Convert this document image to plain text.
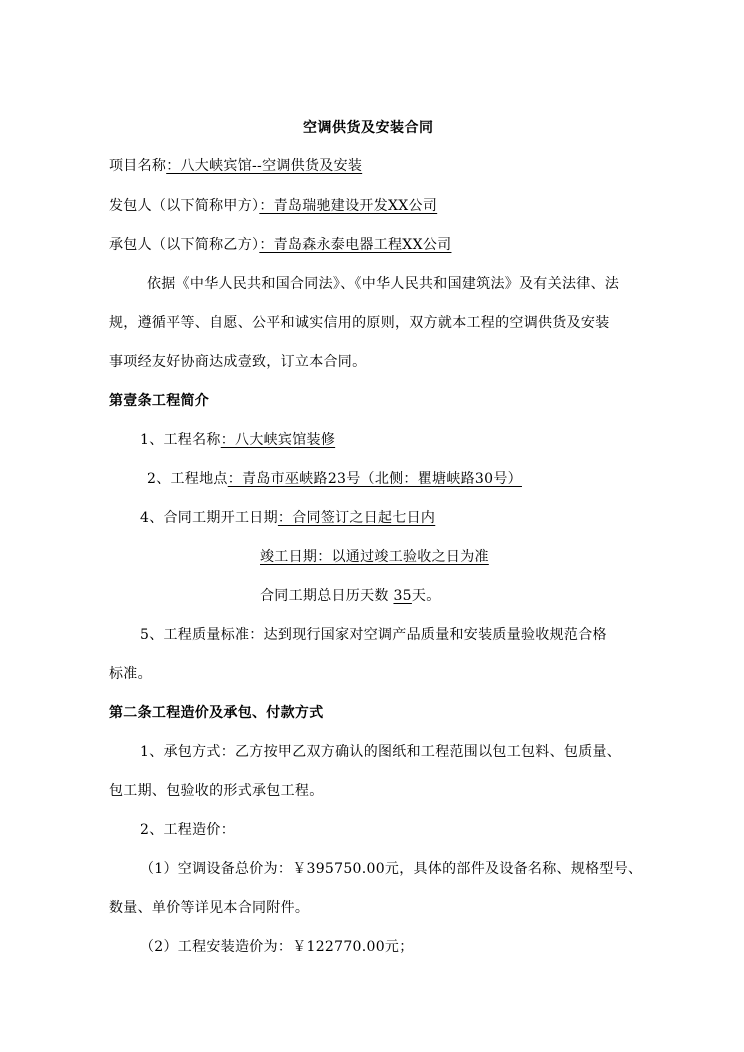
空调供货及安装合同
项目名称：八大峡宾馆--空调供货及安装
发包人（以下简称甲方）：青岛瑞驰建设开发XX公司
承包人（以下简称乙方）：青岛森永泰电器工程XX公司
依据《中华人民共和国合同法》、《中华人民共和国建筑法》及有关法律、法
规，遵循平等、自愿、公平和诚实信用的原则，双方就本工程的空调供货及安装
事项经友好协商达成壹致，订立本合同。
第壹条工程简介
1、工程名称：八大峡宾馆装修
2、工程地点：青岛市巫峡路23号（北侧：瞿塘峡路30号）
4、合同工期开工日期：合同签订之日起七日内
竣工日期：以通过竣工验收之日为准
合同工期总日历天数 35天。
5、工程质量标准：达到现行国家对空调产品质量和安装质量验收规范合格
标准。
第二条工程造价及承包、付款方式
1、承包方式：乙方按甲乙双方确认的图纸和工程范围以包工包料、包质量、
包工期、包验收的形式承包工程。
2、工程造价：
（1）空调设备总价为：￥395750.00元，具体的部件及设备名称、规格型号、
数量、单价等详见本合同附件。
（2）工程安装造价为：￥122770.00元；
